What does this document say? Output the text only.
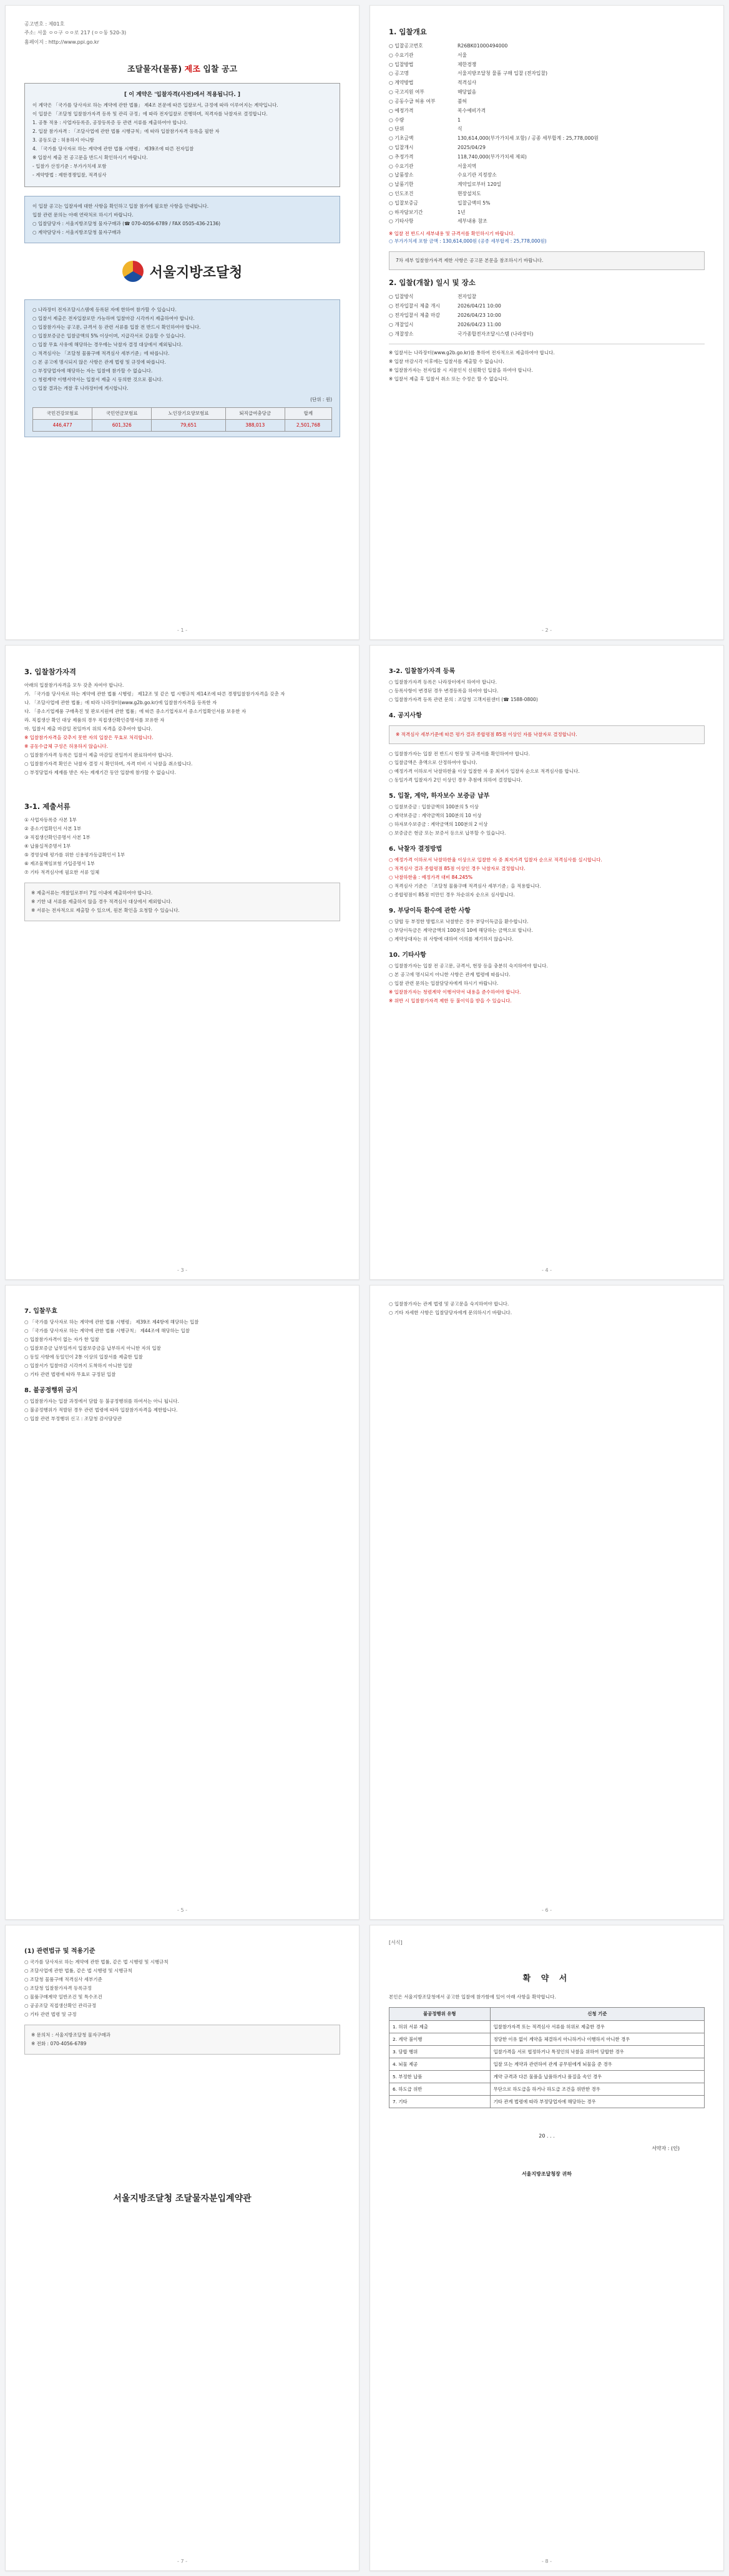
공고번호 : 제01호
주소: 서울 ㅇㅇ구 ㅇㅇ로 217 (ㅇㅇ동 520-3)
홈페이지 : http://www.ppi.go.kr
조달물자(물품) 제조 입찰 공고
[ 이 계약은 '입찰자격(사전)에서 적용됩니다. ]
이 계약은 「국가를 당사자로 하는 계약에 관한 법률」 제4조 본문에 따른 입찰로서, 규정에 따라 이루어지는 계약입니다.
이 입찰은 「조달청 입찰참가자격 등록 및 관리 규정」에 따라 전자입찰로 진행하며, 적격자를 낙찰자로 결정합니다.
1. 공통 적용 : 사업자등록증, 공장등록증 등 관련 서류를 제출하여야 합니다.
2. 입찰 참가자격 : 「조달사업에 관한 법률 시행규칙」에 따라 입찰참가자격 등록을 필한 자
3. 공동도급 : 허용하지 아니함
4. 「국가를 당사자로 하는 계약에 관한 법률 시행령」 제39조에 따른 전자입찰
※ 입찰서 제출 전 공고문을 반드시 확인하시기 바랍니다.
- 입찰가 산정기준 : 부가가치세 포함
- 계약방법 : 제한경쟁입찰, 적격심사
이 입찰 공고는 입찰자에 대한 사항을 확인하고 입찰 참가에 필요한 사항을 안내합니다.
입찰 관련 문의는 아래 연락처로 하시기 바랍니다.
○ 입찰담당자 : 서울지방조달청 물자구매과 (☎ 070-4056-6789 / FAX 0505-436-2136)
○ 계약담당자 : 서울지방조달청 물자구매과
서울지방조달청
○ 나라장터 전자조달시스템에 등록된 자에 한하여 참가할 수 있습니다.
○ 입찰서 제출은 전자입찰로만 가능하며 입찰마감 시각까지 제출하여야 합니다.
○ 입찰참가자는 공고문, 규격서 등 관련 서류를 입찰 전 반드시 확인하여야 합니다.
○ 입찰보증금은 입찰금액의 5% 이상이며, 지급각서로 갈음할 수 있습니다.
○ 입찰 무효 사유에 해당하는 경우에는 낙찰자 결정 대상에서 제외됩니다.
○ 적격심사는 「조달청 물품구매 적격심사 세부기준」에 따릅니다.
○ 본 공고에 명시되지 않은 사항은 관계 법령 및 규정에 따릅니다.
○ 부정당업자에 해당하는 자는 입찰에 참가할 수 없습니다.
○ 청렴계약 이행서약서는 입찰서 제출 시 동의한 것으로 봅니다.
○ 입찰 결과는 개찰 후 나라장터에 게시합니다.
(단위 : 원)
국민건강보험료	국민연금보험료	노인장기요양보험료	퇴직급여충당금	합계
446,477	601,326	79,651	388,013	2,501,768
- 1 -
1. 입찰개요
○ 입찰공고번호	R26BK01000494000
○ 수요기관	서울
○ 입찰방법	제한경쟁
○ 공고명	서울지방조달청 물품 구매 입찰 (전자입찰)
○ 계약방법	적격심사
○ 국고지원 여부	해당없음
○ 공동수급 허용 여부	불허
○ 예정가격	복수예비가격
○ 수량	1
○ 단위	식
○ 기초금액	130,614,000(부가가치세 포함) / 공종 세부합계 : 25,778,000원
○ 입찰개시	2025/04/29
○ 추정가격	118,740,000(부가가치세 제외)
○ 수요기관	서울지역
○ 납품장소	수요기관 지정장소
○ 납품기한	계약일로부터 120일
○ 인도조건	현장설치도
○ 입찰보증금	입찰금액의 5%
○ 하자담보기간	1년
○ 기타사항	세부내용 참조
※ 입찰 전 반드시 세부내용 및 규격서를 확인하시기 바랍니다.
○ 부가가치세 포함 금액 : 130,614,000원 (공종 세부합계 : 25,778,000원)
7차 세부 입찰참가자격 제한 사항은 공고문 본문을 참조하시기 바랍니다.
2. 입찰(개찰) 일시 및 장소
○ 입찰방식	전자입찰
○ 전자입찰서 제출 개시	2026/04/21 10:00
○ 전자입찰서 제출 마감	2026/04/23 10:00
○ 개찰일시	2026/04/23 11:00
○ 개찰장소	국가종합전자조달시스템 (나라장터)
※ 입찰서는 나라장터(www.g2b.go.kr)를 통하여 전자적으로 제출하여야 합니다.
※ 입찰 마감시각 이후에는 입찰서를 제출할 수 없습니다.
※ 입찰참가자는 전자입찰 시 지문인식 신원확인 입찰을 하여야 합니다.
※ 입찰서 제출 후 입찰서 취소 또는 수정은 할 수 없습니다.
- 2 -
3. 입찰참가자격
아래의 입찰참가자격을 모두 갖춘 자여야 합니다.
가. 「국가를 당사자로 하는 계약에 관한 법률 시행령」 제12조 및 같은 법 시행규칙 제14조에 따른 경쟁입찰참가자격을 갖춘 자
나. 「조달사업에 관한 법률」에 따라 나라장터(www.g2b.go.kr)에 입찰참가자격을 등록한 자
다. 「중소기업제품 구매촉진 및 판로지원에 관한 법률」에 따른 중소기업자로서 중소기업확인서를 보유한 자
라. 직접생산 확인 대상 제품의 경우 직접생산확인증명서를 보유한 자
마. 입찰서 제출 마감일 전일까지 위의 자격을 갖추어야 합니다.
※ 입찰참가자격을 갖추지 못한 자의 입찰은 무효로 처리합니다.
※ 공동수급체 구성은 허용하지 않습니다.
○ 입찰참가자격 등록은 입찰서 제출 마감일 전일까지 완료하여야 합니다.
○ 입찰참가자격 확인은 낙찰자 결정 시 확인하며, 자격 미비 시 낙찰을 취소합니다.
○ 부정당업자 제재를 받은 자는 제재기간 동안 입찰에 참가할 수 없습니다.
3-1. 제출서류
① 사업자등록증 사본 1부
② 중소기업확인서 사본 1부
③ 직접생산확인증명서 사본 1부
④ 납품실적증명서 1부
⑤ 경영상태 평가를 위한 신용평가등급확인서 1부
⑥ 제조물책임보험 가입증명서 1부
⑦ 기타 적격심사에 필요한 서류 일체
※ 제출서류는 개찰일로부터 7일 이내에 제출하여야 합니다.
※ 기한 내 서류를 제출하지 않을 경우 적격심사 대상에서 제외합니다.
※ 서류는 전자적으로 제출할 수 있으며, 원본 확인을 요청할 수 있습니다.
- 3 -
3-2. 입찰참가자격 등록
○ 입찰참가자격 등록은 나라장터에서 하여야 합니다.
○ 등록사항이 변경된 경우 변경등록을 하여야 합니다.
○ 입찰참가자격 등록 관련 문의 : 조달청 고객지원센터 (☎ 1588-0800)
4. 공지사항
※ 적격심사 세부기준에 따른 평가 결과 종합평점 85점 이상인 자를 낙찰자로 결정합니다.
○ 입찰참가자는 입찰 전 반드시 현장 및 규격서를 확인하여야 합니다.
○ 입찰금액은 총액으로 산정하여야 합니다.
○ 예정가격 이하로서 낙찰하한율 이상 입찰한 자 중 최저가 입찰자 순으로 적격심사를 합니다.
○ 동일가격 입찰자가 2인 이상인 경우 추첨에 의하여 결정합니다.
5. 입찰, 계약, 하자보수 보증금 납부
○ 입찰보증금 : 입찰금액의 100분의 5 이상
○ 계약보증금 : 계약금액의 100분의 10 이상
○ 하자보수보증금 : 계약금액의 100분의 2 이상
○ 보증금은 현금 또는 보증서 등으로 납부할 수 있습니다.
6. 낙찰자 결정방법
○ 예정가격 이하로서 낙찰하한율 이상으로 입찰한 자 중 최저가격 입찰자 순으로 적격심사를 실시합니다.
○ 적격심사 결과 종합평점 85점 이상인 경우 낙찰자로 결정합니다.
○ 낙찰하한율 : 예정가격 대비 84.245%
○ 적격심사 기준은 「조달청 물품구매 적격심사 세부기준」을 적용합니다.
○ 종합평점이 85점 미만인 경우 차순위자 순으로 심사합니다.
9. 부당이득 환수에 관한 사항
○ 담합 등 부정한 방법으로 낙찰받은 경우 부당이득금을 환수합니다.
○ 부당이득금은 계약금액의 100분의 10에 해당하는 금액으로 합니다.
○ 계약상대자는 위 사항에 대하여 이의를 제기하지 않습니다.
10. 기타사항
○ 입찰참가자는 입찰 전 공고문, 규격서, 현장 등을 충분히 숙지하여야 합니다.
○ 본 공고에 명시되지 아니한 사항은 관계 법령에 따릅니다.
○ 입찰 관련 문의는 입찰담당자에게 하시기 바랍니다.
※ 입찰참가자는 청렴계약 이행서약서 내용을 준수하여야 합니다.
※ 위반 시 입찰참가자격 제한 등 불이익을 받을 수 있습니다.
- 4 -
7. 입찰무효
○ 「국가를 당사자로 하는 계약에 관한 법률 시행령」 제39조 제4항에 해당하는 입찰
○ 「국가를 당사자로 하는 계약에 관한 법률 시행규칙」 제44조에 해당하는 입찰
○ 입찰참가자격이 없는 자가 한 입찰
○ 입찰보증금 납부일까지 입찰보증금을 납부하지 아니한 자의 입찰
○ 동일 사항에 동일인이 2통 이상의 입찰서를 제출한 입찰
○ 입찰서가 입찰마감 시각까지 도착하지 아니한 입찰
○ 기타 관련 법령에 따라 무효로 규정된 입찰
8. 불공정행위 금지
○ 입찰참가자는 입찰 과정에서 담합 등 불공정행위를 하여서는 아니 됩니다.
○ 불공정행위가 적발된 경우 관련 법령에 따라 입찰참가자격을 제한합니다.
○ 입찰 관련 부정행위 신고 : 조달청 감사담당관
- 5 -
○ 입찰참가자는 관계 법령 및 공고문을 숙지하여야 합니다.
○ 기타 자세한 사항은 입찰담당자에게 문의하시기 바랍니다.
- 6 -
(1) 관련법규 및 적용기준
○ 국가를 당사자로 하는 계약에 관한 법률, 같은 법 시행령 및 시행규칙
○ 조달사업에 관한 법률, 같은 법 시행령 및 시행규칙
○ 조달청 물품구매 적격심사 세부기준
○ 조달청 입찰참가자격 등록규정
○ 물품구매계약 일반조건 및 특수조건
○ 공공조달 직접생산확인 관리규정
○ 기타 관련 법령 및 규정
※ 문의처 : 서울지방조달청 물자구매과
※ 전화 : 070-4056-6789
서울지방조달청 조달물자분입계약관
- 7 -
[서식]
확 약 서
본인은 서울지방조달청에서 공고한 입찰에 참가함에 있어 아래 사항을 확약합니다.
불공정행위 유형	신청 기준
1. 허위 서류 제출	입찰참가자격 또는 적격심사 서류를 허위로 제출한 경우
2. 계약 불이행	정당한 이유 없이 계약을 체결하지 아니하거나 이행하지 아니한 경우
3. 담합 행위	입찰가격을 서로 협정하거나 특정인의 낙찰을 위하여 담합한 경우
4. 뇌물 제공	입찰 또는 계약과 관련하여 관계 공무원에게 뇌물을 준 경우
5. 부정한 납품	계약 규격과 다른 물품을 납품하거나 품질을 속인 경우
6. 하도급 위반	무단으로 하도급을 하거나 하도급 조건을 위반한 경우
7. 기타	기타 관계 법령에 따라 부정당업자에 해당하는 경우
20 . . .
서약자 : (인)
서울지방조달청장 귀하
- 8 -
